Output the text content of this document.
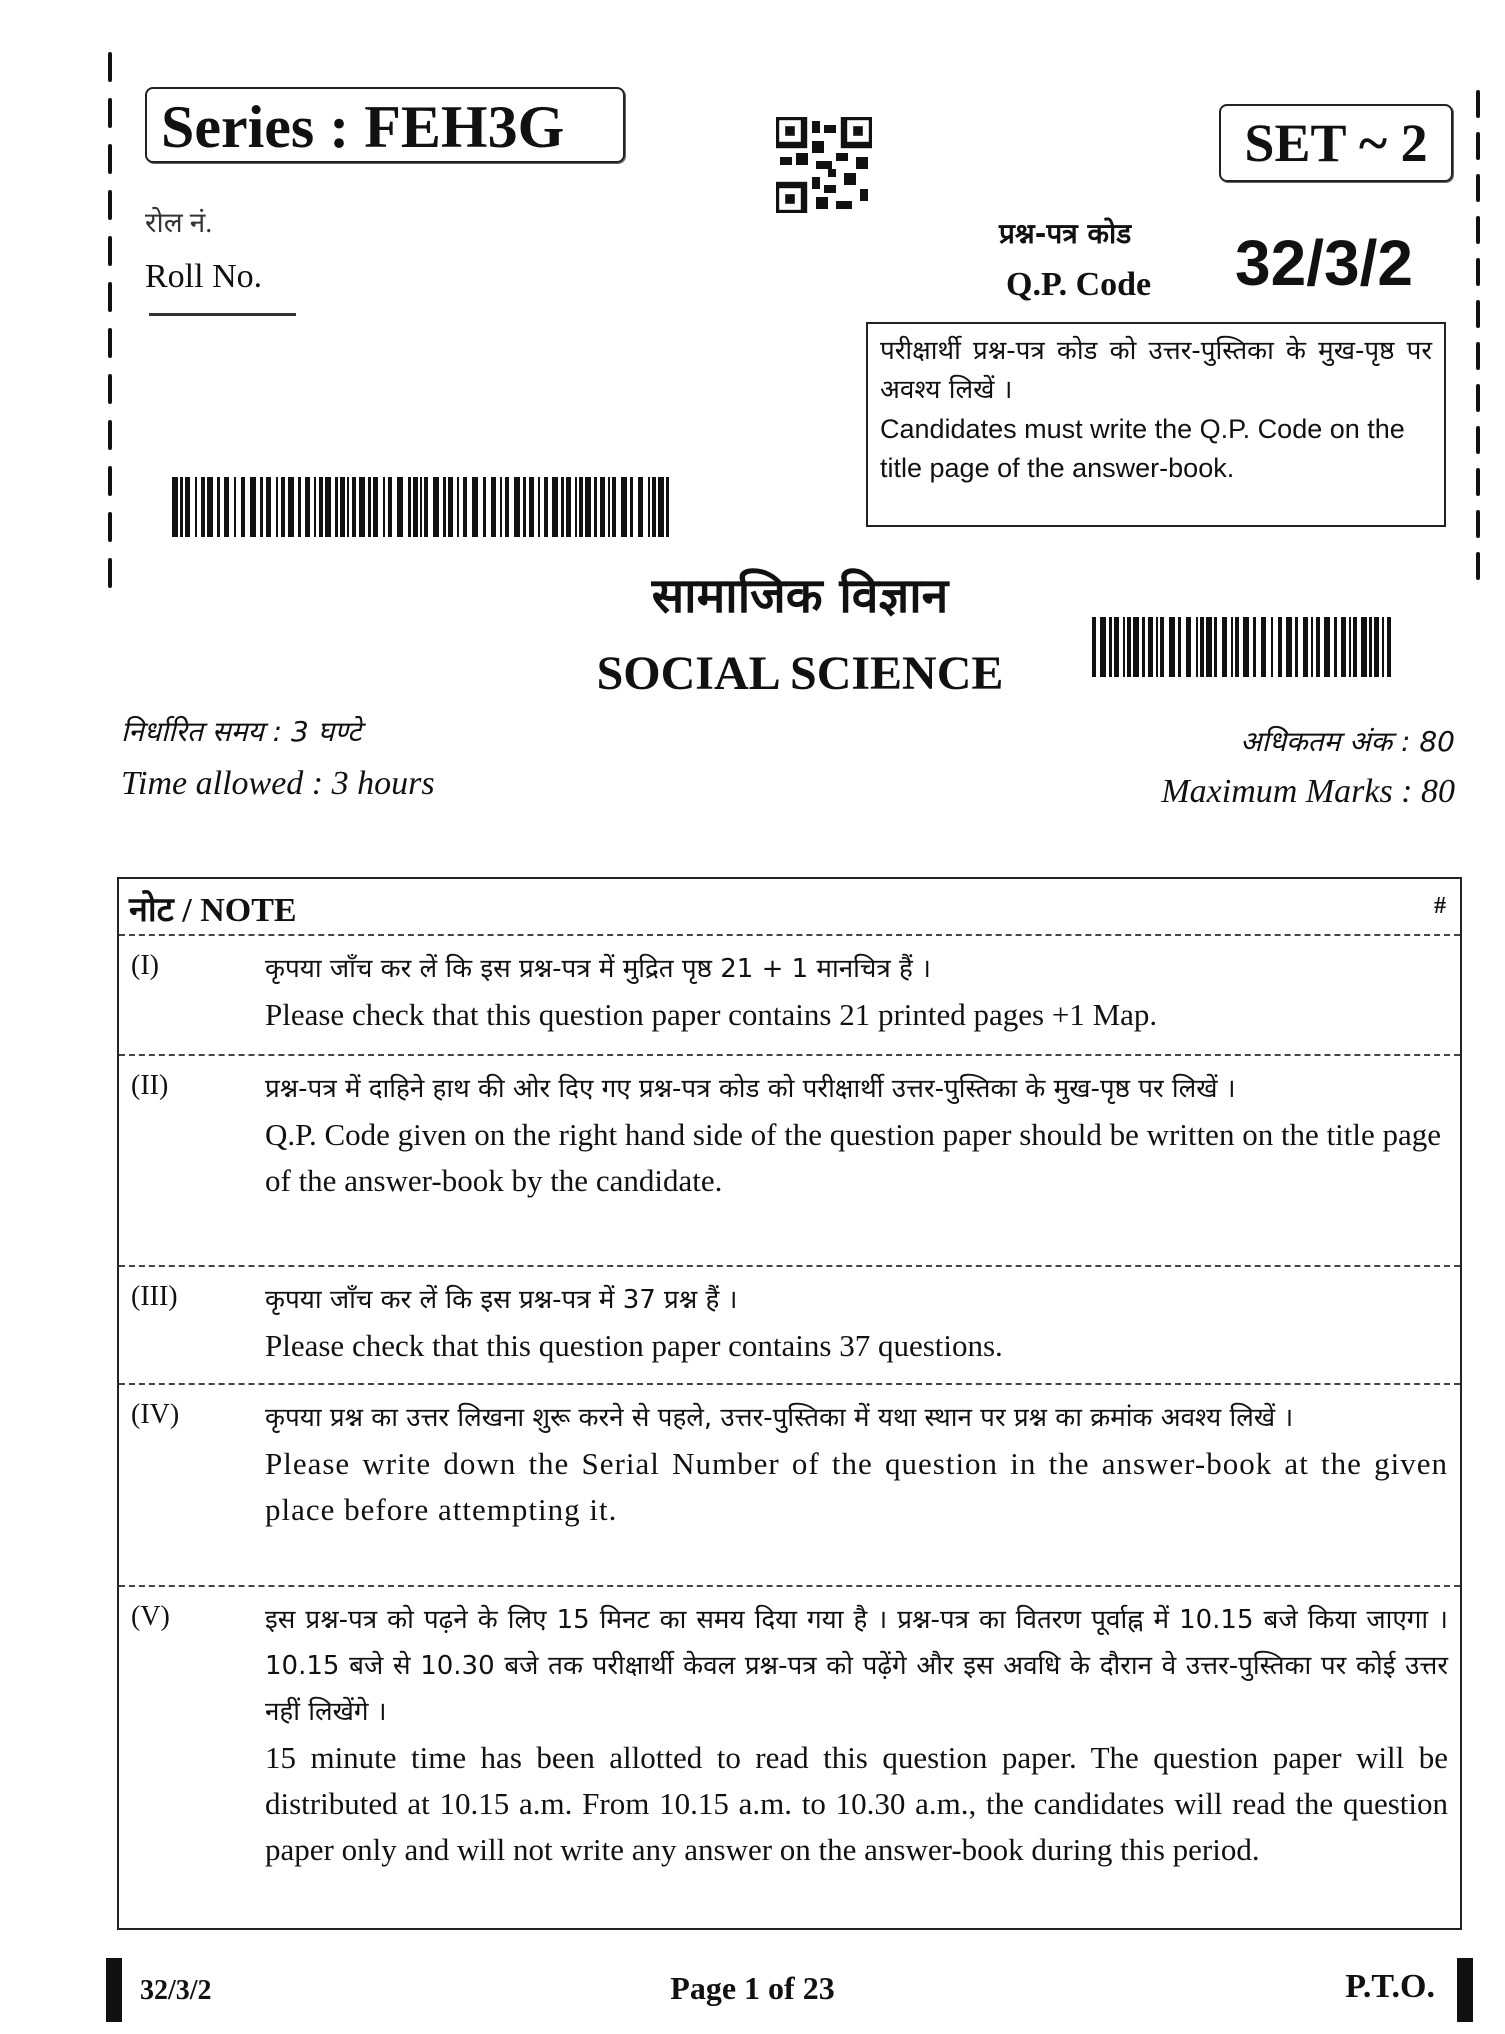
Series : FEH3G	SET ~ 2
रोल नं.
Roll No.
प्रश्न-पत्र कोड
Q.P. Code 32/3/2
परीक्षार्थी प्रश्न-पत्र कोड को उत्तर-पुस्तिका के मुख-पृष्ठ पर अवश्य लिखें ।
Candidates must write the Q.P. Code on the title page of the answer-book.
सामाजिक विज्ञान
SOCIAL SCIENCE
निर्धारित समय : 3 घण्टे
Time allowed : 3 hours
अधिकतम अंक : 80
Maximum Marks : 80
नोट / NOTE	#
(I)	कृपया जाँच कर लें कि इस प्रश्न-पत्र में मुद्रित पृष्ठ 21 + 1 मानचित्र हैं ।
Please check that this question paper contains 21 printed pages +1 Map.
(II)	प्रश्न-पत्र में दाहिने हाथ की ओर दिए गए प्रश्न-पत्र कोड को परीक्षार्थी उत्तर-पुस्तिका के मुख-पृष्ठ पर लिखें ।
Q.P. Code given on the right hand side of the question paper should be written on the title page of the answer-book by the candidate.
(III)	कृपया जाँच कर लें कि इस प्रश्न-पत्र में 37 प्रश्न हैं ।
Please check that this question paper contains 37 questions.
(IV)	कृपया प्रश्न का उत्तर लिखना शुरू करने से पहले, उत्तर-पुस्तिका में यथा स्थान पर प्रश्न का क्रमांक अवश्य लिखें ।
Please write down the Serial Number of the question in the answer-book at the given place before attempting it.
(V)	इस प्रश्न-पत्र को पढ़ने के लिए 15 मिनट का समय दिया गया है । प्रश्न-पत्र का वितरण पूर्वाह्न में 10.15 बजे किया जाएगा । 10.15 बजे से 10.30 बजे तक परीक्षार्थी केवल प्रश्न-पत्र को पढ़ेंगे और इस अवधि के दौरान वे उत्तर-पुस्तिका पर कोई उत्तर नहीं लिखेंगे ।
15 minute time has been allotted to read this question paper. The question paper will be distributed at 10.15 a.m. From 10.15 a.m. to 10.30 a.m., the candidates will read the question paper only and will not write any answer on the answer-book during this period.
32/3/2	Page 1 of 23	P.T.O.
